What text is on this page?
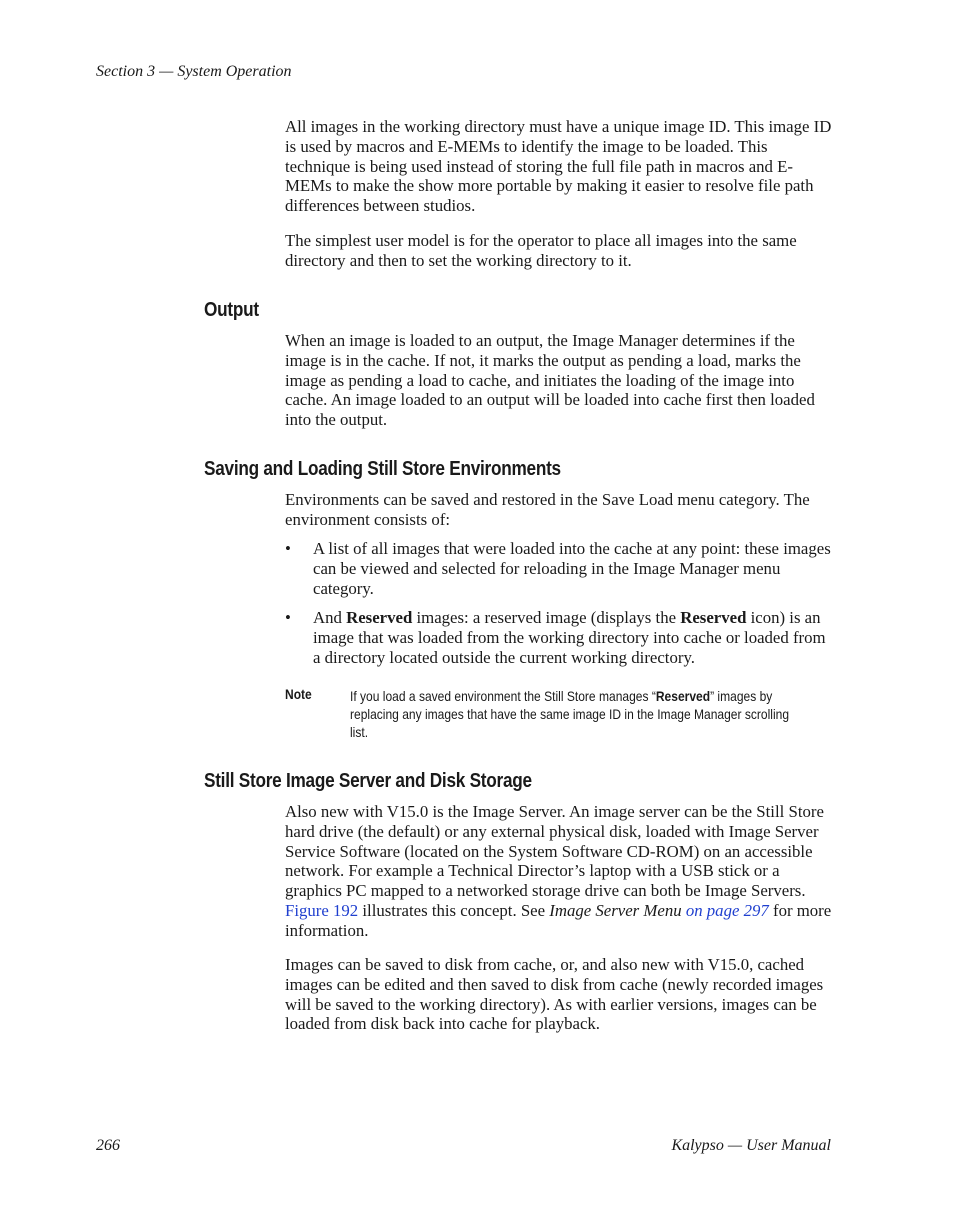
Section 3 — System Operation

All images in the working directory must have a unique image ID. This image ID is used by macros and E-MEMs to identify the image to be loaded. This technique is being used instead of storing the full file path in macros and E-MEMs to make the show more portable by making it easier to resolve file path differences between studios.

The simplest user model is for the operator to place all images into the same directory and then to set the working directory to it.

Output

When an image is loaded to an output, the Image Manager determines if the image is in the cache. If not, it marks the output as pending a load, marks the image as pending a load to cache, and initiates the loading of the image into cache. An image loaded to an output will be loaded into cache first then loaded into the output.

Saving and Loading Still Store Environments

Environments can be saved and restored in the Save Load menu category. The environment consists of:

• A list of all images that were loaded into the cache at any point: these images can be viewed and selected for reloading in the Image Manager menu category.
• And Reserved images: a reserved image (displays the Reserved icon) is an image that was loaded from the working directory into cache or loaded from a directory located outside the current working directory.
Note	If you load a saved environment the Still Store manages “Reserved” images by replacing any images that have the same image ID in the Image Manager scrolling list.
Still Store Image Server and Disk Storage

Also new with V15.0 is the Image Server. An image server can be the Still Store hard drive (the default) or any external physical disk, loaded with Image Server Service Software (located on the System Software CD-ROM) on an accessible network. For example a Technical Director’s laptop with a USB stick or a graphics PC mapped to a networked storage drive can both be Image Servers. Figure 192 illustrates this concept. See Image Server Menu on page 297 for more information.

Images can be saved to disk from cache, or, and also new with V15.0, cached images can be edited and then saved to disk from cache (newly recorded images will be saved to the working directory). As with earlier versions, images can be loaded from disk back into cache for playback.

266	Kalypso — User Manual
